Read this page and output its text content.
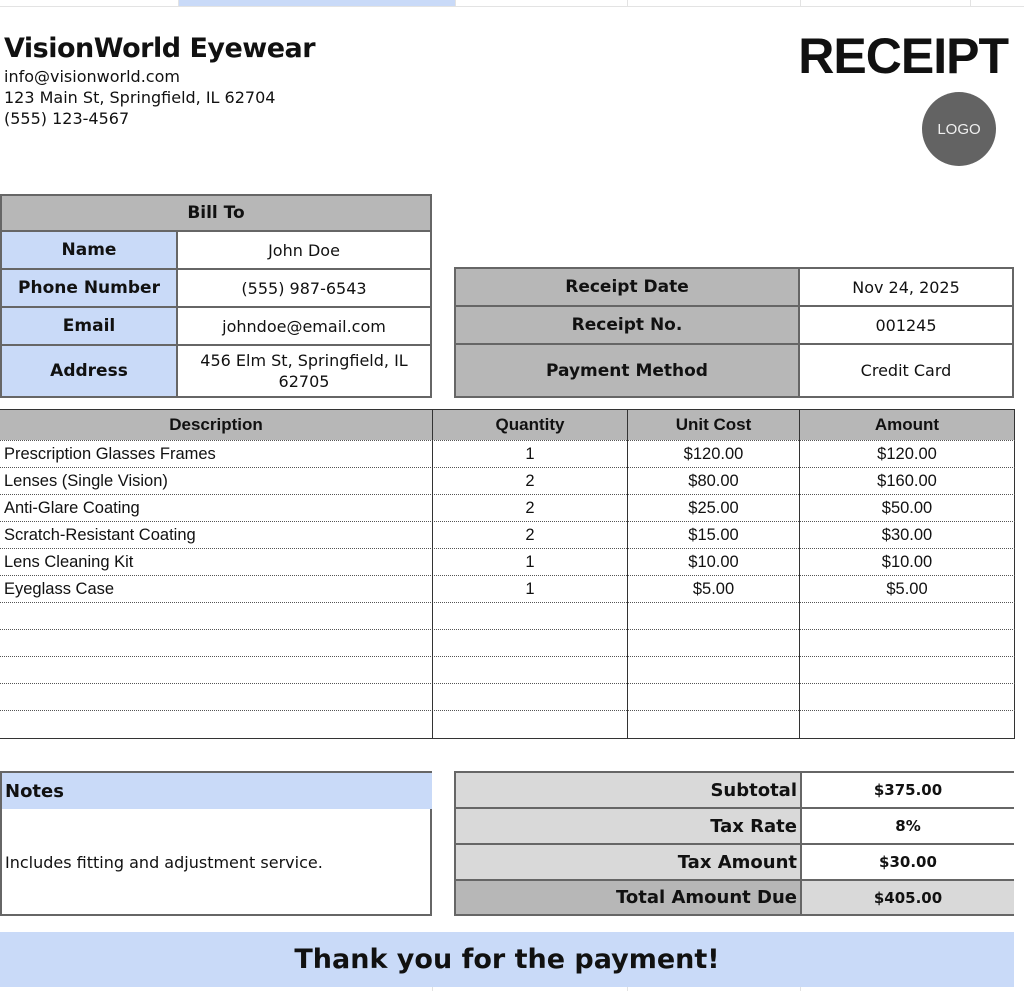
VisionWorld Eyewear
info@visionworld.com
123 Main St, Springfield, IL 62704
(555) 123-4567
RECEIPT
LOGO
Bill To
Name	John Doe
Phone Number	(555) 987-6543
Email	johndoe@email.com
Address
456 Elm St, Springfield, IL 62705
Receipt Date	Nov 24, 2025
Receipt No.	001245
Payment Method	Credit Card
Description	Quantity	Unit Cost	Amount
Prescription Glasses Frames	1	$120.00	$120.00
Lenses (Single Vision)	2	$80.00	$160.00
Anti-Glare Coating	2	$25.00	$50.00
Scratch-Resistant Coating	2	$15.00	$30.00
Lens Cleaning Kit	1	$10.00	$10.00
Eyeglass Case	1	$5.00	$5.00
Notes
Includes fitting and adjustment service.
Subtotal	$375.00
Tax Rate	8%
Tax Amount	$30.00
Total Amount Due	$405.00
Thank you for the payment!
